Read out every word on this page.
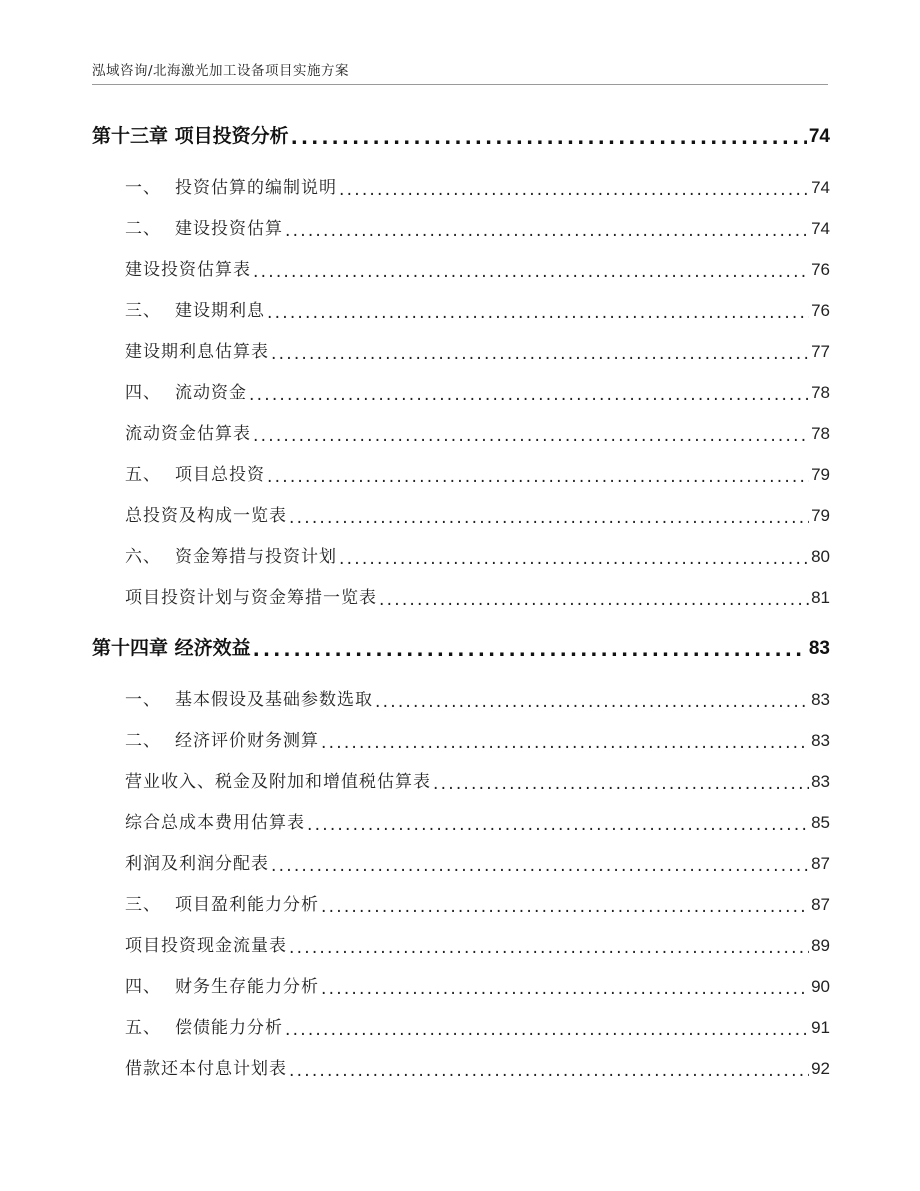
泓域咨询/北海激光加工设备项目实施方案
第十三章 项目投资分析 . . .	74
一、 投资估算的编制说明 . . .	74
二、 建设投资估算 . . .	74
建设投资估算表 . . .	76
三、 建设期利息 . . .	76
建设期利息估算表 . . .	77
四、 流动资金 . . .	78
流动资金估算表 . . .	78
五、 项目总投资 . . .	79
总投资及构成一览表 . . .	79
六、 资金筹措与投资计划 . . .	80
项目投资计划与资金筹措一览表 . . .	81
第十四章 经济效益 . . .	83
一、 基本假设及基础参数选取 . . .	83
二、 经济评价财务测算 . . .	83
营业收入、税金及附加和增值税估算表 . . .	83
综合总成本费用估算表 . . .	85
利润及利润分配表 . . .	87
三、 项目盈利能力分析 . . .	87
项目投资现金流量表 . . .	89
四、 财务生存能力分析 . . .	90
五、 偿债能力分析 . . .	91
借款还本付息计划表 . . .	92
